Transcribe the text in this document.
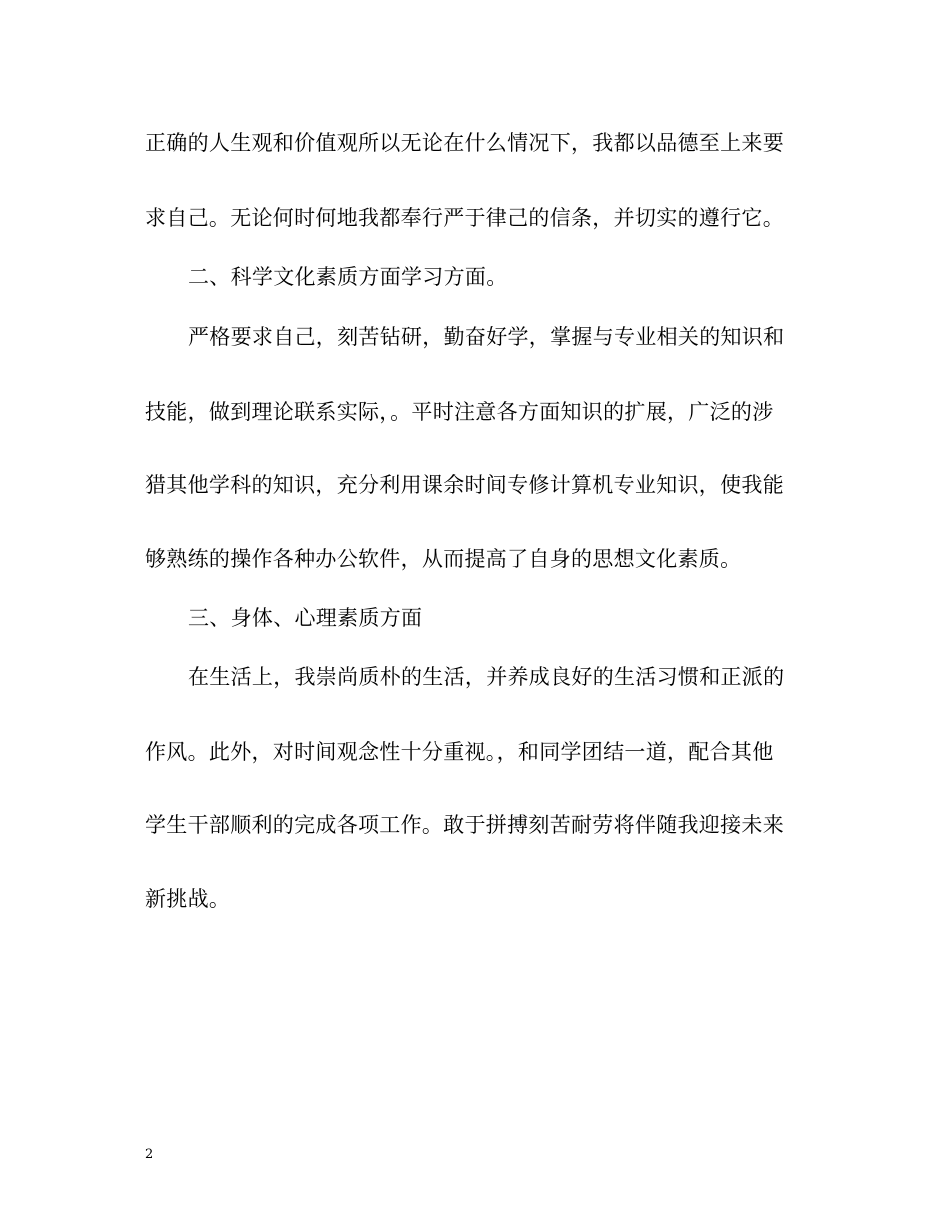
正确的人生观和价值观所以无论在什么情况下，我都以品德至上来要
求自己。无论何时何地我都奉行严于律己的信条，并切实的遵行它。
二、科学文化素质方面学习方面。
严格要求自己，刻苦钻研，勤奋好学，掌握与专业相关的知识和
技能，做到理论联系实际，。平时注意各方面知识的扩展，广泛的涉
猎其他学科的知识，充分利用课余时间专修计算机专业知识，使我能
够熟练的操作各种办公软件，从而提高了自身的思想文化素质。
三、身体、心理素质方面
在生活上，我崇尚质朴的生活，并养成良好的生活习惯和正派的
作风。此外，对时间观念性十分重视。，和同学团结一道，配合其他
学生干部顺利的完成各项工作。敢于拼搏刻苦耐劳将伴随我迎接未来
新挑战。
2
